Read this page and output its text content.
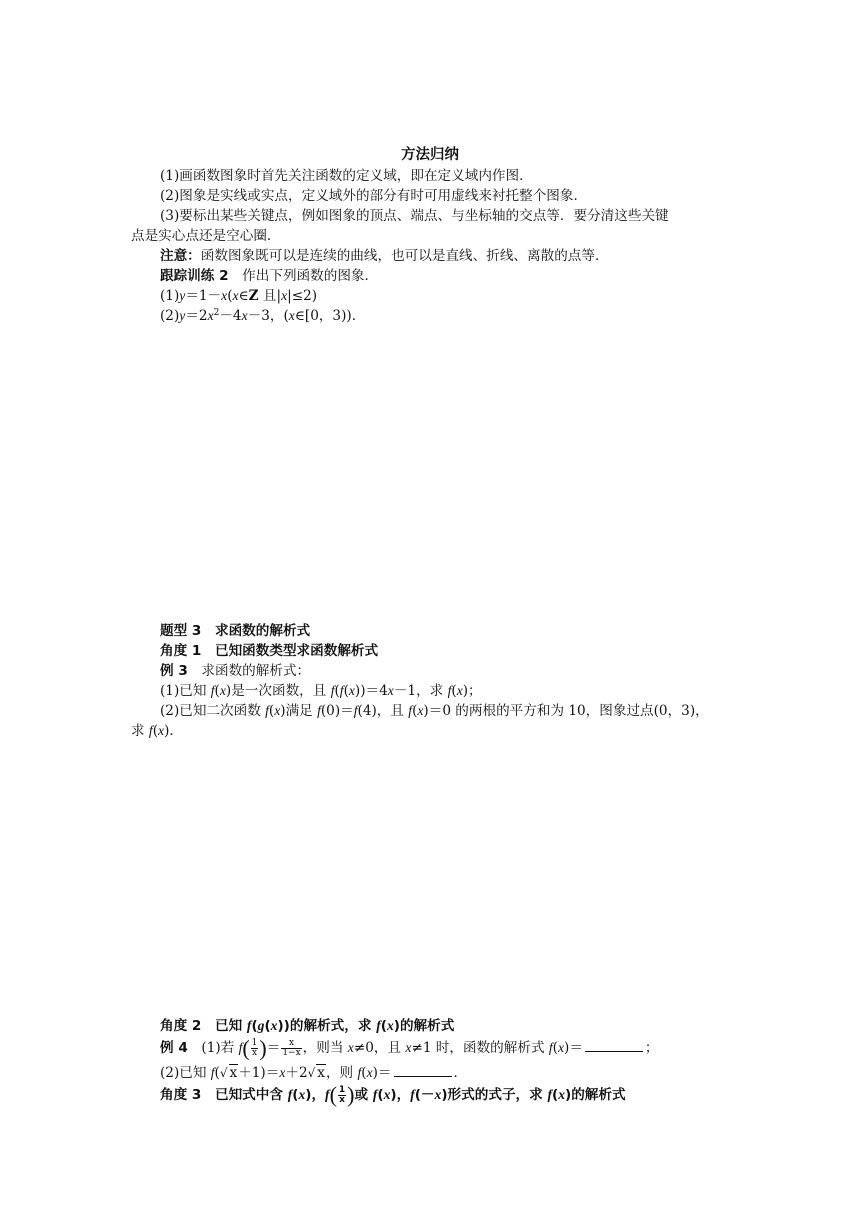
方法归纳
(1)画函数图象时首先关注函数的定义域，即在定义域内作图．
(2)图象是实线或实点，定义域外的部分有时可用虚线来衬托整个图象．
(3)要标出某些关键点，例如图象的顶点、端点、与坐标轴的交点等．要分清这些关键
点是实心点还是空心圈．
注意：函数图象既可以是连续的曲线，也可以是直线、折线、离散的点等．
跟踪训练 2　 作出下列函数的图象．
(1)y＝1－x(x∈Z 且|x|≤2)
$(2)y=2x^2-4x-3$，(x∈[0，3))．
题型 3　求函数的解析式
角度 1　已知函数类型求函数解析式
例 3　 求函数的解析式：
(1)已知 f(x)是一次函数，且 f(f(x))＝4x－1，求 f(x)；
(2)已知二次函数 f(x)满足 f(0)＝f(4)，且 f(x)＝0 的两根的平方和为 10，图象过点(0，3)，
求 f(x)．
角度 2　已知 f(g(x))的解析式，求 f(x)的解析式
例 4　(1)若 $f( \frac{1}{x}$ )＝ $\frac{x}{1-x}$ ，则当 x≠0，且 x≠1 时，函数的解析式 f(x)＝	；
(2)已知 f(√ x＋1)＝x＋2√ x，则 f(x)＝	．
角度 3　已知式中含 f(x)，$f( \frac{1}{x}$ )或 f(x)，f(－x)形式的式子，求 f(x)的解析式
